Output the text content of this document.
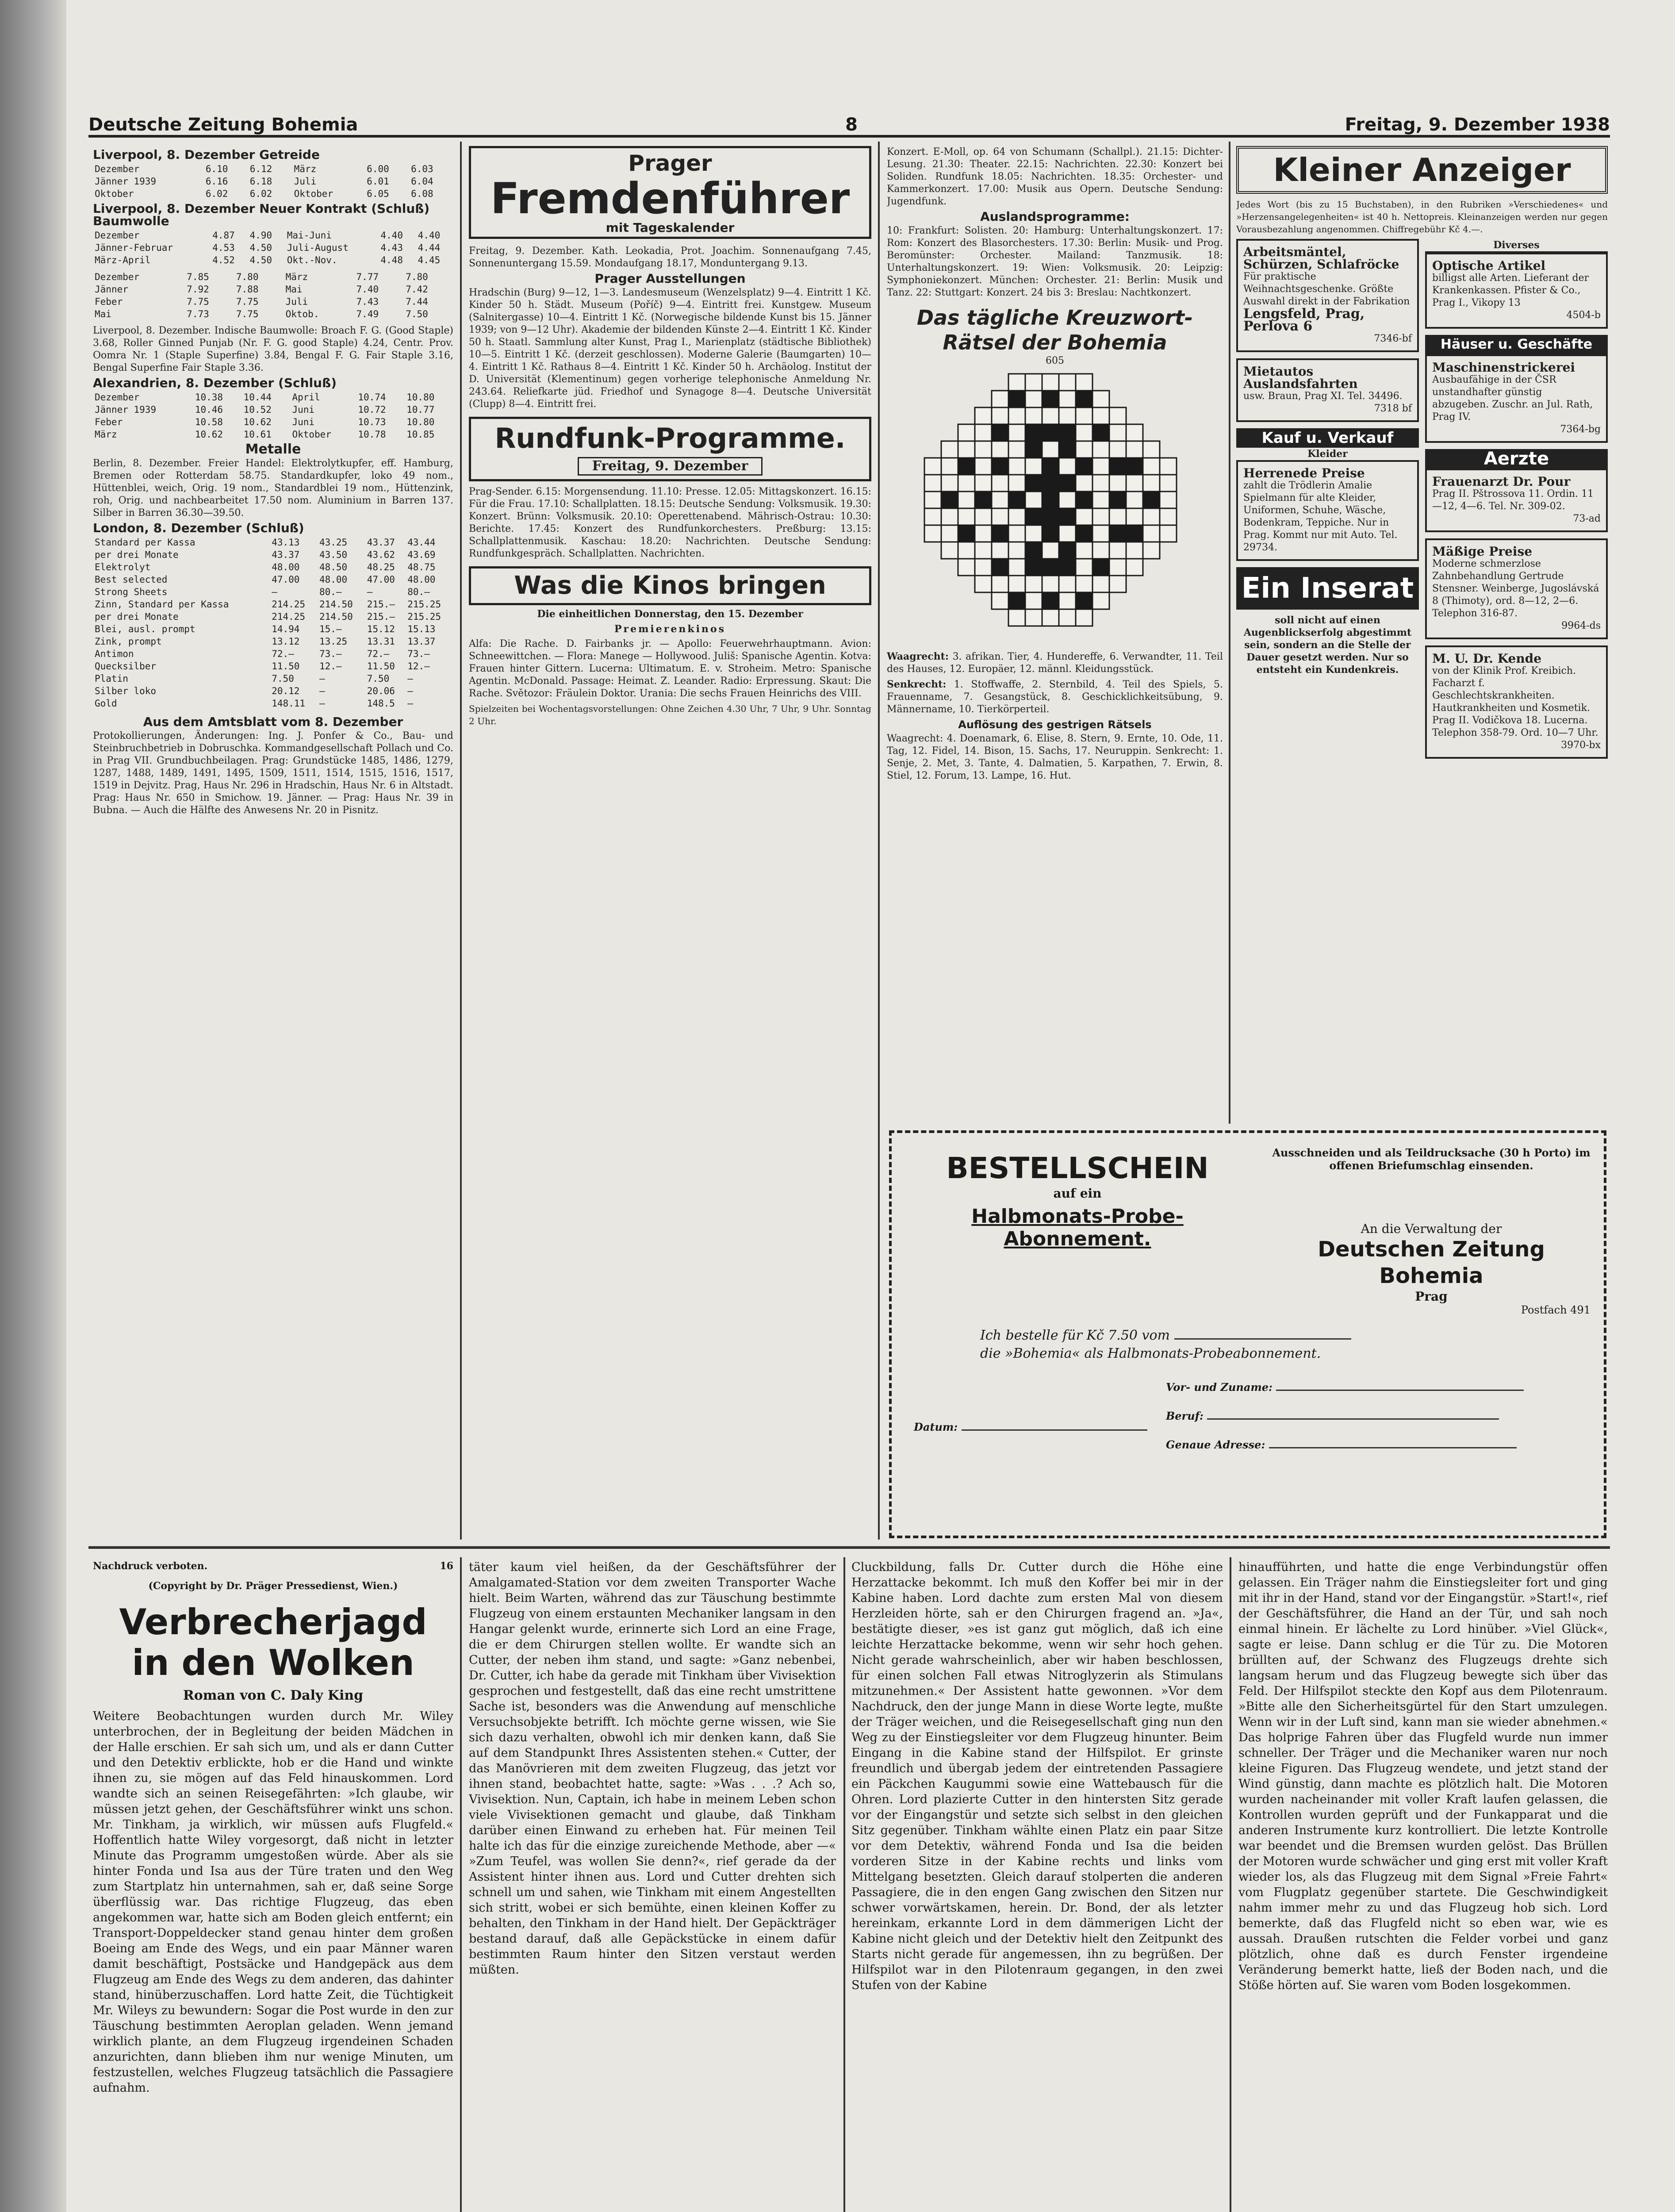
Deutsche Zeitung Bohemia	8	Freitag, 9. Dezember 1938
Liverpool, 8. Dezember Getreide
Dezember	6.10	6.12	März	6.00	6.03
Jänner 1939	6.16	6.18	Juli	6.01	6.04
Oktober	6.02	6.02	Oktober	6.05	6.08
Liverpool, 8. Dezember Neuer Kontrakt (Schluß) Baumwolle
Dezember	4.87	4.90	Mai-Juni	4.40	4.40
Jänner-Februar	4.53	4.50	Juli-August	4.43	4.44
März-April	4.52	4.50	Okt.-Nov.	4.48	4.45
Dezember	7.85	7.80	März	7.77	7.80
Jänner	7.92	7.88	Mai	7.40	7.42
Feber	7.75	7.75	Juli	7.43	7.44
Mai	7.73	7.75	Oktob.	7.49	7.50

Liverpool, 8. Dezember. Indische Baumwolle: Broach F. G. (Good Staple) 3.68, Roller Ginned Punjab (Nr. F. G. good Staple) 4.24, Centr. Prov. Oomra Nr. 1 (Staple Superfine) 3.84, Bengal F. G. Fair Staple 3.16, Bengal Superfine Fair Staple 3.36.

Alexandrien, 8. Dezember (Schluß)
Dezember	10.38	10.44	April	10.74	10.80
Jänner 1939	10.46	10.52	Juni	10.72	10.77
Feber	10.58	10.62	Juni	10.73	10.80
März	10.62	10.61	Oktober	10.78	10.85
Metalle

Berlin, 8. Dezember. Freier Handel: Elektrolytkupfer, eff. Hamburg, Bremen oder Rotterdam 58.75. Standardkupfer, loko 49 nom., Hüttenblei, weich, Orig. 19 nom., Standardblei 19 nom., Hüttenzink, roh, Orig. und nachbearbeitet 17.50 nom. Aluminium in Barren 137. Silber in Barren 36.30—39.50.

London, 8. Dezember (Schluß)
Standard per Kassa	43.13	43.25	43.37	43.44
per drei Monate	43.37	43.50	43.62	43.69
Elektrolyt	48.00	48.50	48.25	48.75
Best selected	47.00	48.00	47.00	48.00
Strong Sheets	—	80.—	—	80.—
Zinn, Standard per Kassa	214.25	214.50	215.—	215.25
per drei Monate	214.25	214.50	215.—	215.25
Blei, ausl. prompt	14.94	15.—	15.12	15.13
Zink, prompt	13.12	13.25	13.31	13.37
Antimon	72.—	73.—	72.—	73.—
Quecksilber	11.50	12.—	11.50	12.—
Platin	7.50	—	7.50	—
Silber loko	20.12	—	20.06	—
Gold	148.11	—	148.5	—
Aus dem Amtsblatt vom 8. Dezember

Protokollierungen, Änderungen: Ing. J. Ponfer & Co., Bau- und Steinbruchbetrieb in Dobruschka. Kommandgesellschaft Pollach und Co. in Prag VII. Grundbuchbeilagen. Prag: Grundstücke 1485, 1486, 1279, 1287, 1488, 1489, 1491, 1495, 1509, 1511, 1514, 1515, 1516, 1517, 1519 in Dejvitz. Prag, Haus Nr. 296 in Hradschin, Haus Nr. 6 in Altstadt. Prag: Haus Nr. 650 in Smichow. 19. Jänner. — Prag: Haus Nr. 39 in Bubna. — Auch die Hälfte des Anwesens Nr. 20 in Pisnitz.

Prager
Fremdenführer
mit Tageskalender

Freitag, 9. Dezember. Kath. Leokadia, Prot. Joachim. Sonnenaufgang 7.45, Sonnenuntergang 15.59. Mondaufgang 18.17, Monduntergang 9.13.

Prager Ausstellungen

Hradschin (Burg) 9—12, 1—3. Landesmuseum (Wenzelsplatz) 9—4. Eintritt 1 Kč. Kinder 50 h. Städt. Museum (Poříč) 9—4. Eintritt frei. Kunstgew. Museum (Salnitergasse) 10—4. Eintritt 1 Kč. (Norwegische bildende Kunst bis 15. Jänner 1939; von 9—12 Uhr). Akademie der bildenden Künste 2—4. Eintritt 1 Kč. Kinder 50 h. Staatl. Sammlung alter Kunst, Prag I., Marienplatz (städtische Bibliothek) 10—5. Eintritt 1 Kč. (derzeit geschlossen). Moderne Galerie (Baumgarten) 10—4. Eintritt 1 Kč. Rathaus 8—4. Eintritt 1 Kč. Kinder 50 h. Archäolog. Institut der D. Universität (Klementinum) gegen vorherige telephonische Anmeldung Nr. 243.64. Reliefkarte jüd. Friedhof und Synagoge 8—4. Deutsche Universität (Clupp) 8—4. Eintritt frei.

Rundfunk-Programme.
Freitag, 9. Dezember

Prag-Sender. 6.15: Morgensendung. 11.10: Presse. 12.05: Mittagskonzert. 16.15: Für die Frau. 17.10: Schallplatten. 18.15: Deutsche Sendung: Volksmusik. 19.30: Konzert. Brünn: Volksmusik. 20.10: Operettenabend. Mährisch-Ostrau: 10.30: Berichte. 17.45: Konzert des Rundfunkorchesters. Preßburg: 13.15: Schallplattenmusik. Kaschau: 18.20: Nachrichten. Deutsche Sendung: Rundfunkgespräch. Schallplatten. Nachrichten.

Was die Kinos bringen

Die einheitlichen Donnerstag, den 15. Dezember

Premierenkinos

Alfa: Die Rache. D. Fairbanks jr. — Apollo: Feuerwehrhauptmann. Avion: Schneewittchen. — Flora: Manege — Hollywood. Juliš: Spanische Agentin. Kotva: Frauen hinter Gittern. Lucerna: Ultimatum. E. v. Stroheim. Metro: Spanische Agentin. McDonald. Passage: Heimat. Z. Leander. Radio: Erpressung. Skaut: Die Rache. Světozor: Fräulein Doktor. Urania: Die sechs Frauen Heinrichs des VIII.

Spielzeiten bei Wochentagsvorstellungen: Ohne Zeichen 4.30 Uhr, 7 Uhr, 9 Uhr. Sonntag 2 Uhr.

Konzert. E-Moll, op. 64 von Schumann (Schallpl.). 21.15: Dichter-Lesung. 21.30: Theater. 22.15: Nachrichten. 22.30: Konzert bei Soliden. Rundfunk 18.05: Nachrichten. 18.35: Orchester- und Kammerkonzert. 17.00: Musik aus Opern. Deutsche Sendung: Jugendfunk.

Auslandsprogramme:

10: Frankfurt: Solisten. 20: Hamburg: Unterhaltungskonzert. 17: Rom: Konzert des Blasorchesters. 17.30: Berlin: Musik- und Prog. Beromünster: Orchester. Mailand: Tanzmusik. 18: Unterhaltungskonzert. 19: Wien: Volksmusik. 20: Leipzig: Symphoniekonzert. München: Orchester. 21: Berlin: Musik und Tanz. 22: Stuttgart: Konzert. 24 bis 3: Breslau: Nachtkonzert.

Das tägliche Kreuzwort-
Rätsel der Bohemia
605

Waagrecht: 3. afrikan. Tier, 4. Hundereffe, 6. Verwandter, 11. Teil des Hauses, 12. Europäer, 12. männl. Kleidungsstück.

Senkrecht: 1. Stoffwaffe, 2. Sternbild, 4. Teil des Spiels, 5. Frauenname, 7. Gesangstück, 8. Geschicklichkeitsübung, 9. Männername, 10. Tierkörperteil.

Auflösung des gestrigen Rätsels

Waagrecht: 4. Doenamark, 6. Elise, 8. Stern, 9. Ernte, 10. Ode, 11. Tag, 12. Fidel, 14. Bison, 15. Sachs, 17. Neuruppin. Senkrecht: 1. Senje, 2. Met, 3. Tante, 4. Dalmatien, 5. Karpathen, 7. Erwin, 8. Stiel, 12. Forum, 13. Lampe, 16. Hut.

Kleiner Anzeiger

Jedes Wort (bis zu 15 Buchstaben), in den Rubriken »Verschiedenes« und »Herzensangelegenheiten« ist 40 h. Nettopreis. Kleinanzeigen werden nur gegen Vorausbezahlung angenommen. Chiffregebühr Kč 4.—.

Arbeitsmäntel, Schürzen, Schlafröcke
Für praktische Weihnachtsgeschenke. Größte Auswahl direkt in der Fabrikation
Lengsfeld, Prag, Perlova 6
7346-bf
Mietautos Auslandsfahrten
usw. Braun, Prag XI. Tel. 34496.
7318 bf
Kauf u. Verkauf
Kleider
Herrenede Preise
zahlt die Trödlerin Amalie Spielmann für alte Kleider, Uniformen, Schuhe, Wäsche, Bodenkram, Teppiche. Nur in Prag. Kommt nur mit Auto. Tel. 29734.
Ein Inserat
soll nicht auf einen Augenblickserfolg abgestimmt sein, sondern an die Stelle der Dauer gesetzt werden. Nur so entsteht ein Kundenkreis.
Diverses
Optische Artikel
billigst alle Arten. Lieferant der Krankenkassen. Pfister & Co., Prag I., Vikopy 13
4504-b
Häuser u. Geschäfte
Maschinenstrickerei
Ausbaufähige in der ČSR unstandhafter günstig abzugeben. Zuschr. an Jul. Rath, Prag IV.
7364-bg
Aerzte
Frauenarzt Dr. Pour
Prag II. Pštrossova 11. Ordin. 11—12, 4—6. Tel. Nr. 309-02.
73-ad
Mäßige Preise
Moderne schmerzlose Zahnbehandlung Gertrude Stensner. Weinberge, Jugoslávská 8 (Thimoty), ord. 8—12, 2—6. Telephon 316-87.
9964-ds
M. U. Dr. Kende
von der Klinik Prof. Kreibich. Facharzt f. Geschlechtskrankheiten. Hautkrankheiten und Kosmetik. Prag II. Vodičkova 18. Lucerna. Telephon 358-79. Ord. 10—7 Uhr.
3970-bx
BESTELLSCHEIN
auf ein
Halbmonats-Probe-Abonnement.
Ausschneiden und als Teildrucksache (30 h Porto) im offenen Briefumschlag einsenden.
An die Verwaltung der
Deutschen Zeitung Bohemia
Prag
Postfach 491
Ich bestelle für Kč 7.50 vom
die »Bohemia« als Halbmonats-Probeabonnement.
Vor- und Zuname:
Beruf:
Genaue Adresse:
Datum:
Nachdruck verboten.	16
(Copyright by Dr. Präger Pressedienst, Wien.)
Verbrecherjagd
in den Wolken
Roman von C. Daly King

Weitere Beobachtungen wurden durch Mr. Wiley unterbrochen, der in Begleitung der beiden Mädchen in der Halle erschien. Er sah sich um, und als er dann Cutter und den Detektiv erblickte, hob er die Hand und winkte ihnen zu, sie mögen auf das Feld hinauskommen. Lord wandte sich an seinen Reisegefährten: »Ich glaube, wir müssen jetzt gehen, der Geschäftsführer winkt uns schon. Mr. Tinkham, ja wirklich, wir müssen aufs Flugfeld.« Hoffentlich hatte Wiley vorgesorgt, daß nicht in letzter Minute das Programm umgestoßen würde. Aber als sie hinter Fonda und Isa aus der Türe traten und den Weg zum Startplatz hin unternahmen, sah er, daß seine Sorge überflüssig war. Das richtige Flugzeug, das eben angekommen war, hatte sich am Boden gleich entfernt; ein Transport-Doppeldecker stand genau hinter dem großen Boeing am Ende des Wegs, und ein paar Männer waren damit beschäftigt, Postsäcke und Handgepäck aus dem Flugzeug am Ende des Wegs zu dem anderen, das dahinter stand, hinüberzuschaffen. Lord hatte Zeit, die Tüchtigkeit Mr. Wileys zu bewundern: Sogar die Post wurde in den zur Täuschung bestimmten Aeroplan geladen. Wenn jemand wirklich plante, an dem Flugzeug irgendeinen Schaden anzurichten, dann blieben ihm nur wenige Minuten, um festzustellen, welches Flugzeug tatsächlich die Passagiere aufnahm.

täter kaum viel heißen, da der Geschäftsführer der Amalgamated-Station vor dem zweiten Transporter Wache hielt. Beim Warten, während das zur Täuschung bestimmte Flugzeug von einem erstaunten Mechaniker langsam in den Hangar gelenkt wurde, erinnerte sich Lord an eine Frage, die er dem Chirurgen stellen wollte. Er wandte sich an Cutter, der neben ihm stand, und sagte: »Ganz nebenbei, Dr. Cutter, ich habe da gerade mit Tinkham über Vivisektion gesprochen und festgestellt, daß das eine recht umstrittene Sache ist, besonders was die Anwendung auf menschliche Versuchsobjekte betrifft. Ich möchte gerne wissen, wie Sie sich dazu verhalten, obwohl ich mir denken kann, daß Sie auf dem Standpunkt Ihres Assistenten stehen.« Cutter, der das Manövrieren mit dem zweiten Flugzeug, das jetzt vor ihnen stand, beobachtet hatte, sagte: »Was . . .? Ach so, Vivisektion. Nun, Captain, ich habe in meinem Leben schon viele Vivisektionen gemacht und glaube, daß Tinkham darüber einen Einwand zu erheben hat. Für meinen Teil halte ich das für die einzige zureichende Methode, aber —« »Zum Teufel, was wollen Sie denn?«, rief gerade da der Assistent hinter ihnen aus. Lord und Cutter drehten sich schnell um und sahen, wie Tinkham mit einem Angestellten sich stritt, wobei er sich bemühte, einen kleinen Koffer zu behalten, den Tinkham in der Hand hielt. Der Gepäckträger bestand darauf, daß alle Gepäckstücke in einem dafür bestimmten Raum hinter den Sitzen verstaut werden müßten.

Cluckbildung, falls Dr. Cutter durch die Höhe eine Herzattacke bekommt. Ich muß den Koffer bei mir in der Kabine haben. Lord dachte zum ersten Mal von diesem Herzleiden hörte, sah er den Chirurgen fragend an. »Ja«, bestätigte dieser, »es ist ganz gut möglich, daß ich eine leichte Herzattacke bekomme, wenn wir sehr hoch gehen. Nicht gerade wahrscheinlich, aber wir haben beschlossen, für einen solchen Fall etwas Nitroglyzerin als Stimulans mitzunehmen.« Der Assistent hatte gewonnen. »Vor dem Nachdruck, den der junge Mann in diese Worte legte, mußte der Träger weichen, und die Reisegesellschaft ging nun den Weg zu der Einstiegsleiter vor dem Flugzeug hinunter. Beim Eingang in die Kabine stand der Hilfspilot. Er grinste freundlich und übergab jedem der eintretenden Passagiere ein Päckchen Kaugummi sowie eine Wattebausch für die Ohren. Lord plazierte Cutter in den hintersten Sitz gerade vor der Eingangstür und setzte sich selbst in den gleichen Sitz gegenüber. Tinkham wählte einen Platz ein paar Sitze vor dem Detektiv, während Fonda und Isa die beiden vorderen Sitze in der Kabine rechts und links vom Mittelgang besetzten. Gleich darauf stolperten die anderen Passagiere, die in den engen Gang zwischen den Sitzen nur schwer vorwärtskamen, herein. Dr. Bond, der als letzter hereinkam, erkannte Lord in dem dämmerigen Licht der Kabine nicht gleich und der Detektiv hielt den Zeitpunkt des Starts nicht gerade für angemessen, ihn zu begrüßen. Der Hilfspilot war in den Pilotenraum gegangen, in den zwei Stufen von der Kabine

hinaufführten, und hatte die enge Verbindungstür offen gelassen. Ein Träger nahm die Einstiegsleiter fort und ging mit ihr in der Hand, stand vor der Eingangstür. »Start!«, rief der Geschäftsführer, die Hand an der Tür, und sah noch einmal hinein. Er lächelte zu Lord hinüber. »Viel Glück«, sagte er leise. Dann schlug er die Tür zu. Die Motoren brüllten auf, der Schwanz des Flugzeugs drehte sich langsam herum und das Flugzeug bewegte sich über das Feld. Der Hilfspilot steckte den Kopf aus dem Pilotenraum. »Bitte alle den Sicherheitsgürtel für den Start umzulegen. Wenn wir in der Luft sind, kann man sie wieder abnehmen.« Das holprige Fahren über das Flugfeld wurde nun immer schneller. Der Träger und die Mechaniker waren nur noch kleine Figuren. Das Flugzeug wendete, und jetzt stand der Wind günstig, dann machte es plötzlich halt. Die Motoren wurden nacheinander mit voller Kraft laufen gelassen, die Kontrollen wurden geprüft und der Funkapparat und die anderen Instrumente kurz kontrolliert. Die letzte Kontrolle war beendet und die Bremsen wurden gelöst. Das Brüllen der Motoren wurde schwächer und ging erst mit voller Kraft wieder los, als das Flugzeug mit dem Signal »Freie Fahrt« vom Flugplatz gegenüber startete. Die Geschwindigkeit nahm immer mehr zu und das Flugzeug hob sich. Lord bemerkte, daß das Flugfeld nicht so eben war, wie es aussah. Draußen rutschten die Felder vorbei und ganz plötzlich, ohne daß es durch Fenster irgendeine Veränderung bemerkt hatte, ließ der Boden nach, und die Stöße hörten auf. Sie waren vom Boden losgekommen.
